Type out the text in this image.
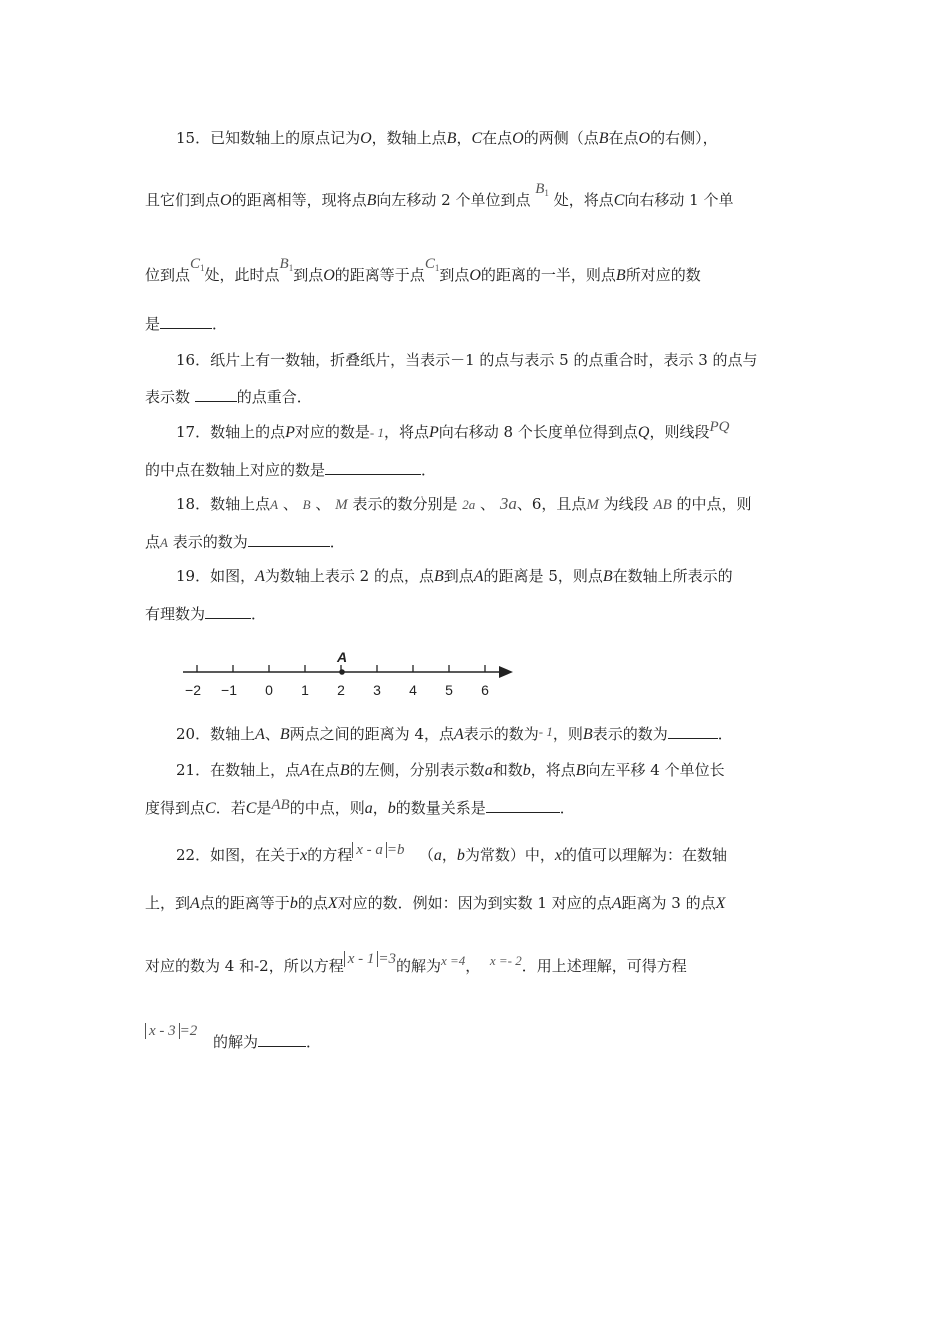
15．已知数轴上的原点记为O，数轴上点B，C在点O的两侧（点B在点O的右侧），
且它们到点O的距离相等，现将点B向左移动 2 个单位到点 $B_1$ 处，将点C向右移动 1 个单
位到点$C_1$处，此时点$B_1$到点O的距离等于点$C_1$到点O的距离的一半，则点B所对应的数
是	．
16．纸片上有一数轴，折叠纸片，当表示－1 的点与表示 5 的点重合时，表示 3 的点与
表示数	的点重合．
17．数轴上的点P对应的数是- 1，将点P向右移动 8 个长度单位得到点Q，则线段PQ
的中点在数轴上对应的数是	．
18．数轴上点A 、 B 、 M 表示的数分别是 2a 、 3a、6，且点M 为线段 AB 的中点，则
点A 表示的数为	．
19．如图，A为数轴上表示 2 的点，点B到点A的距离是 5，则点B在数轴上所表示的
有理数为	．
−2 −1 0 1 2 3 4 5 6
A
20．数轴上A、B两点之间的距离为 4，点A表示的数为- 1，则B表示的数为	．
21．在数轴上，点A在点B的左侧，分别表示数a和数b，将点B向左平移 4 个单位长
度得到点C．若C是AB的中点，则a，b的数量关系是	．
22．如图，在关于x的方程 x - a =b （a，b为常数）中，x的值可以理解为：在数轴
上，到A点的距离等于b的点X对应的数．例如：因为到实数 1 对应的点A距离为 3 的点X
对应的数为 4 和-2，所以方程 x - 1 =3的解为x =4， x =- 2．用上述理解，可得方程
x - 3 =2
的解为	．
